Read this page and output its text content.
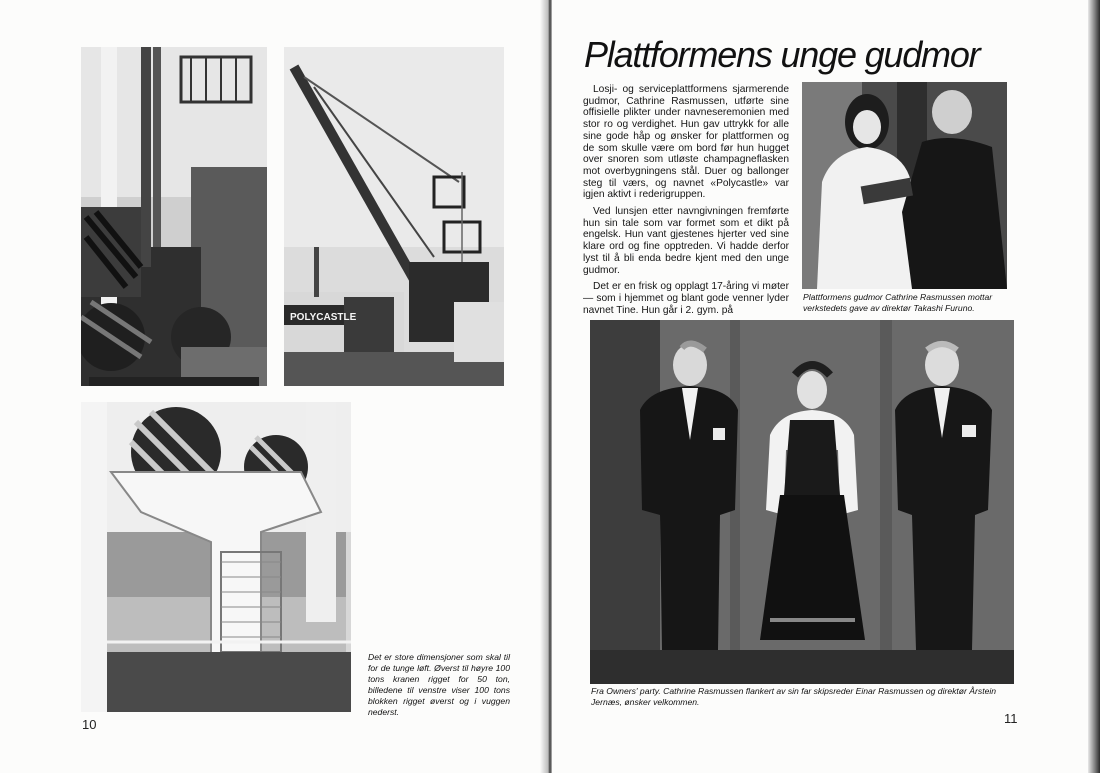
POLYCASTLE
Det er store dimensjoner som skal til for de tunge løft. Øverst til høyre 100 tons kranen rigget for 50 ton, billedene til venstre viser 100 tons blokken rigget øverst og i vuggen nederst.
10
Plattformens unge gudmor

Losji- og serviceplattformens sjarmerende gudmor, Cathrine Rasmussen, utførte sine offisielle plikter under navneseremonien med stor ro og verdighet. Hun gav uttrykk for alle sine gode håp og ønsker for plattformen og de som skulle være om bord før hun hugget over snoren som utløste champagneflasken mot overbygningens stål. Duer og ballonger steg til værs, og navnet «Polycastle» var igjen aktivt i rederigruppen.

Ved lunsjen etter navngivningen fremførte hun sin tale som var formet som et dikt på engelsk. Hun vant gjestenes hjerter ved sine klare ord og fine opptreden. Vi hadde derfor lyst til å bli enda bedre kjent med den unge gudmor.

Det er en frisk og opplagt 17-åring vi møter — som i hjemmet og blant gode venner lyder navnet Tine. Hun går i 2. gym. på

Plattformens gudmor Cathrine Rasmussen mottar verkstedets gave av direktør Takashi Furuno.
Fra Owners' party. Cathrine Rasmussen flankert av sin far skipsreder Einar Rasmussen og direktør Årstein Jernæs, ønsker velkommen.
11
